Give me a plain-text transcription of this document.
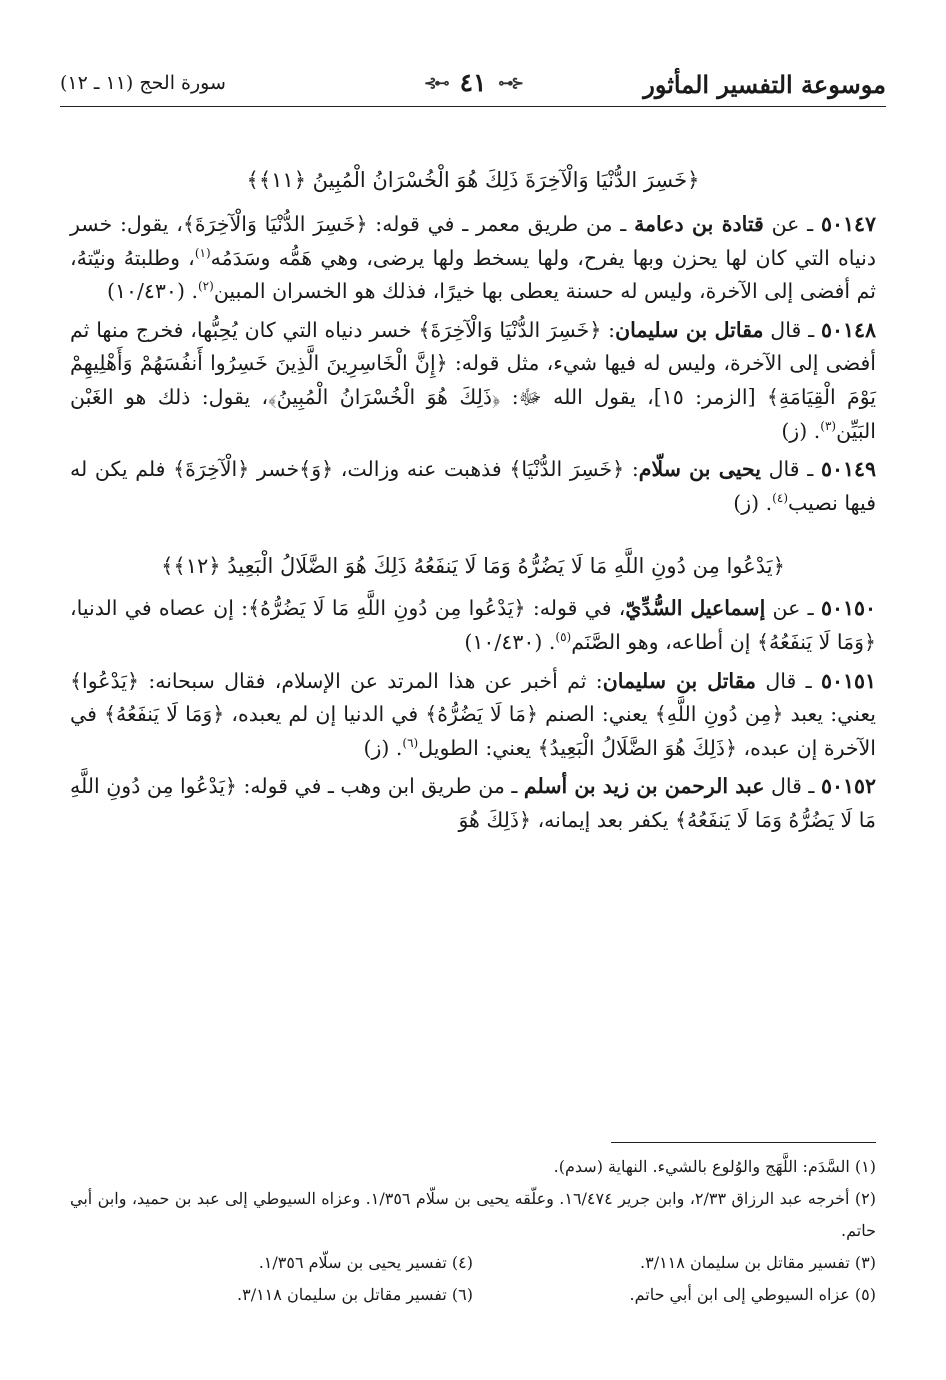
موسوعة التفسير المأثور
⊰⊷ ٤١ ⊶⊱
سورة الحج (١١ ـ ١٢)

﴿خَسِرَ الدُّنْيَا وَالْآخِرَةَ ذَلِكَ هُوَ الْخُسْرَانُ الْمُبِينُ ﴿١١﴾﴾

٥٠١٤٧ ـ عن قتادة بن دعامة ـ من طريق معمر ـ في قوله: ﴿خَسِرَ الدُّنْيَا وَالْآخِرَةَ﴾، يقول: خسر دنياه التي كان لها يحزن وبها يفرح، ولها يسخط ولها يرضى، وهي هَمُّه وسَدَمُه$^{(١)}$، وطلبتهُ ونيّتهُ، ثم أفضى إلى الآخرة، وليس له حسنة يعطى بها خيرًا، فذلك هو الخسران المبين$^{(٢)}$. (١٠/٤٣٠)

٥٠١٤٨ ـ قال مقاتل بن سليمان: ﴿خَسِرَ الدُّنْيَا وَالْآخِرَةَ﴾ خسر دنياه التي كان يُحِبُّها، فخرج منها ثم أفضى إلى الآخرة، وليس له فيها شيء، مثل قوله: ﴿إِنَّ الْخَاسِرِينَ الَّذِينَ خَسِرُوا أَنفُسَهُمْ وَأَهْلِيهِمْ يَوْمَ الْقِيَامَةِ﴾ [الزمر: ١٥]، يقول الله ﷻ: ﴿ذَلِكَ هُوَ الْخُسْرَانُ الْمُبِينُ﴾، يقول: ذلك هو الغَبْن البَيِّن$^{(٣)}$. (ز)

٥٠١٤٩ ـ قال يحيى بن سلّام: ﴿خَسِرَ الدُّنْيَا﴾ فذهبت عنه وزالت، ﴿وَ﴾خسر ﴿الْآخِرَةَ﴾ فلم يكن له فيها نصيب$^{(٤)}$. (ز)

﴿يَدْعُوا مِن دُونِ اللَّهِ مَا لَا يَضُرُّهُ وَمَا لَا يَنفَعُهُ ذَلِكَ هُوَ الضَّلَالُ الْبَعِيدُ ﴿١٢﴾﴾

٥٠١٥٠ ـ عن إسماعيل السُّدِّيّ، في قوله: ﴿يَدْعُوا مِن دُونِ اللَّهِ مَا لَا يَضُرُّهُ﴾: إن عصاه في الدنيا، ﴿وَمَا لَا يَنفَعُهُ﴾ إن أطاعه، وهو الصَّنَم$^{(٥)}$. (١٠/٤٣٠)

٥٠١٥١ ـ قال مقاتل بن سليمان: ثم أخبر عن هذا المرتد عن الإسلام، فقال سبحانه: ﴿يَدْعُوا﴾ يعني: يعبد ﴿مِن دُونِ اللَّهِ﴾ يعني: الصنم ﴿مَا لَا يَضُرُّهُ﴾ في الدنيا إن لم يعبده، ﴿وَمَا لَا يَنفَعُهُ﴾ في الآخرة إن عبده، ﴿ذَلِكَ هُوَ الضَّلَالُ الْبَعِيدُ﴾ يعني: الطويل$^{(٦)}$. (ز)

٥٠١٥٢ ـ قال عبد الرحمن بن زيد بن أسلم ـ من طريق ابن وهب ـ في قوله: ﴿يَدْعُوا مِن دُونِ اللَّهِ مَا لَا يَضُرُّهُ وَمَا لَا يَنفَعُهُ﴾ يكفر بعد إيمانه، ﴿ذَلِكَ هُوَ

(١) السَّدَم: اللَّهَج والوُلوع بالشيء. النهاية (سدم).

(٢) أخرجه عبد الرزاق ٢/٣٣، وابن جرير ١٦/٤٧٤. وعلّقه يحيى بن سلّام ١/٣٥٦. وعزاه السيوطي إلى عبد بن حميد، وابن أبي حاتم.

(٣) تفسير مقاتل بن سليمان ٣/١١٨.
(٤) تفسير يحيى بن سلّام ١/٣٥٦.
(٥) عزاه السيوطي إلى ابن أبي حاتم.
(٦) تفسير مقاتل بن سليمان ٣/١١٨.
